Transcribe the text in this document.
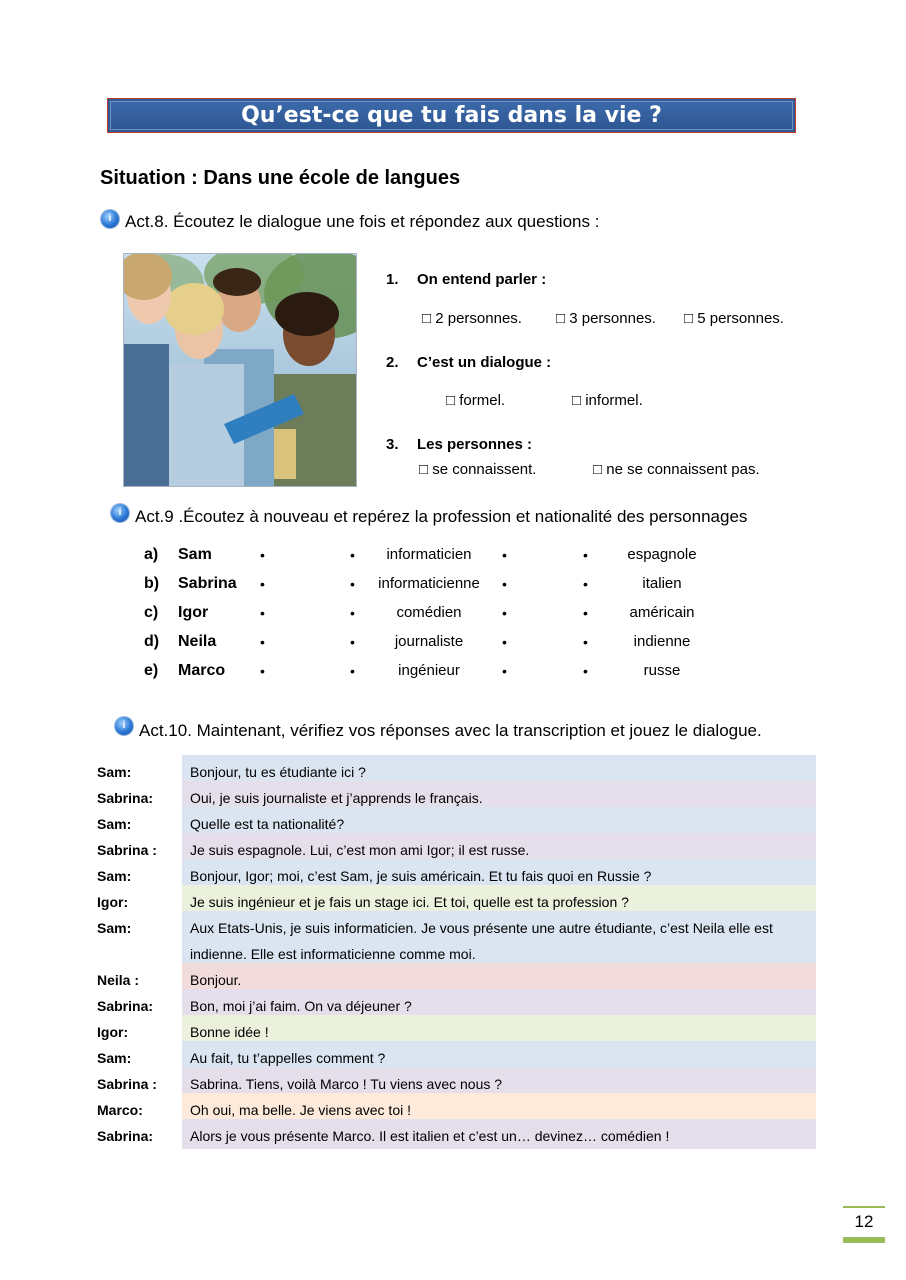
Qu’est-ce que tu fais dans la vie ?
Situation : Dans une école de langues
i Act.8. Écoutez le dialogue une fois et répondez aux questions :
1. On entend parler :
□ 2 personnes. □ 3 personnes. □ 5 personnes.
2. C’est un dialogue :
□ formel.	□ informel.
3. Les personnes :
□ se connaissent.	□ ne se connaissent pas.
i Act.9 .Écoutez à nouveau et repérez la profession et nationalité des personnages
a) Sam	•	•	informaticien	•	•	espagnole
b) Sabrina •	•	informaticienne	•	•	italien
c) Igor	•	•	comédien	•	•	américain
d) Neila	•	•	journaliste	•	•	indienne
e) Marco •	•	ingénieur	•	•	russe
i Act.10. Maintenant, vérifiez vos réponses avec la transcription et jouez le dialogue.
Sam:	Bonjour, tu es étudiante ici ?
Sabrina:	Oui, je suis journaliste et j’apprends le français.
Sam:	Quelle est ta nationalité?
Sabrina :	Je suis espagnole. Lui, c’est mon ami Igor; il est russe.
Sam:	Bonjour, Igor; moi, c’est Sam, je suis américain. Et tu fais quoi en Russie ?
Igor:	Je suis ingénieur et je fais un stage ici. Et toi, quelle est ta profession ?
Sam:	Aux Etats-Unis, je suis informaticien. Je vous présente une autre étudiante, c’est Neila elle est indienne. Elle est informaticienne comme moi.
Neila :	Bonjour.
Sabrina:	Bon, moi j’ai faim. On va déjeuner ?
Igor:	Bonne idée !
Sam:	Au fait, tu t’appelles comment ?
Sabrina :	Sabrina. Tiens, voilà Marco ! Tu viens avec nous ?
Marco:	Oh oui, ma belle. Je viens avec toi !
Sabrina:	Alors je vous présente Marco. Il est italien et c’est un… devinez… comédien !
12
